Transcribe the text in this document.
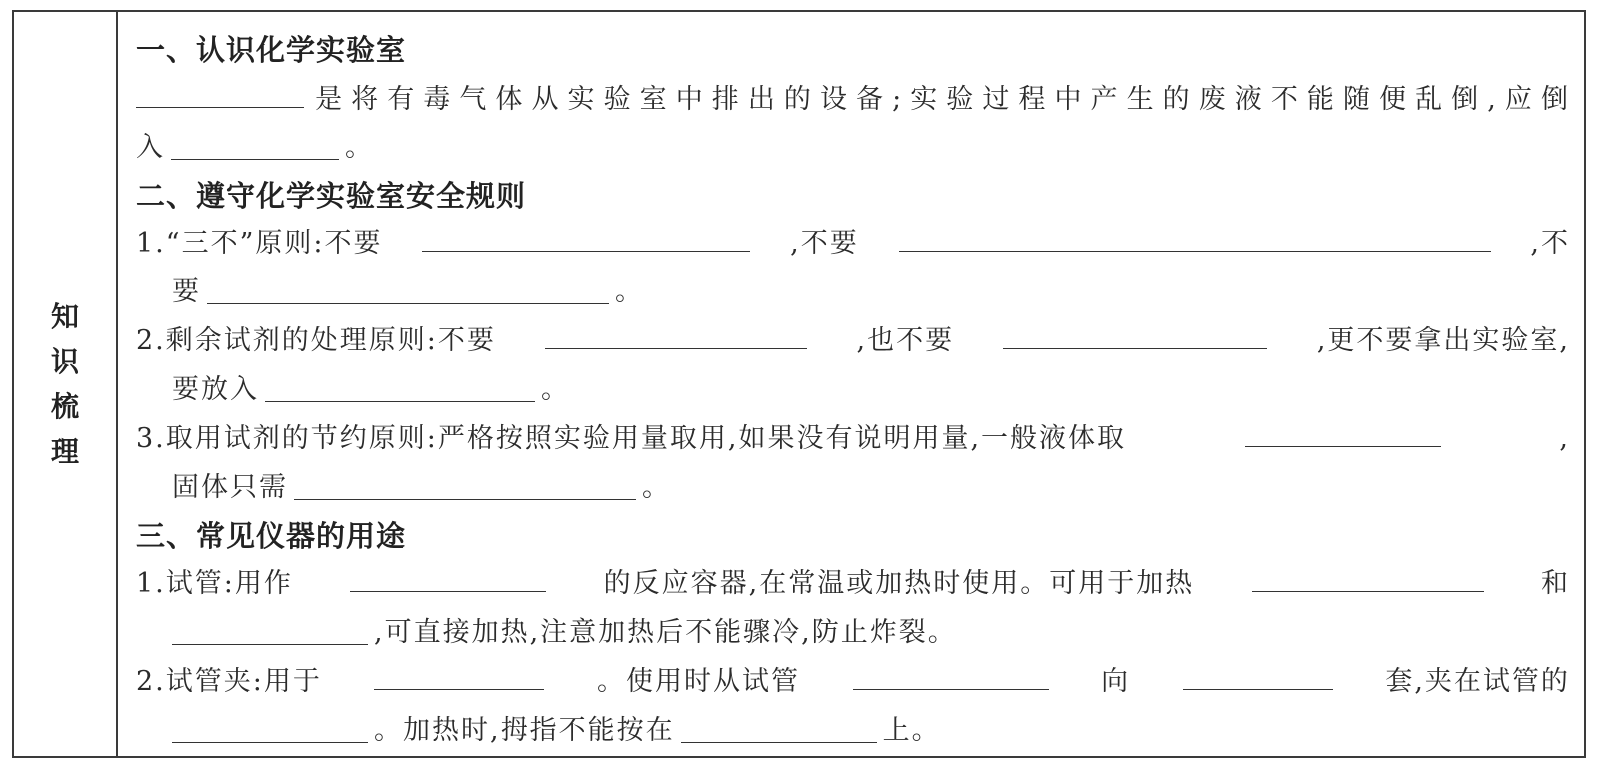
知
识
梳
理
一、认识化学实验室
是 将 有 毒 气 体 从 实 验 室 中 排 出 的 设 备 ; 实 验 过 程 中 产 生 的 废 液 不 能 随 便 乱 倒 , 应 倒
入	。
二、遵守化学实验室安全规则
1.“三不”原则:不要	,不要	,不
要	。
2.剩余试剂的处理原则:不要	,也不要	,更不要拿出实验室,
要放入	。
3.取用试剂的节约原则:严格按照实验用量取用,如果没有说明用量,一般液体取	,
固体只需	。
三、常见仪器的用途
1.试管:用作	的反应容器,在常温或加热时使用。可用于加热	和
,可直接加热,注意加热后不能骤冷,防止炸裂。
2.试管夹:用于	。使用时从试管	向	套,夹在试管的
。加热时,拇指不能按在	上。
